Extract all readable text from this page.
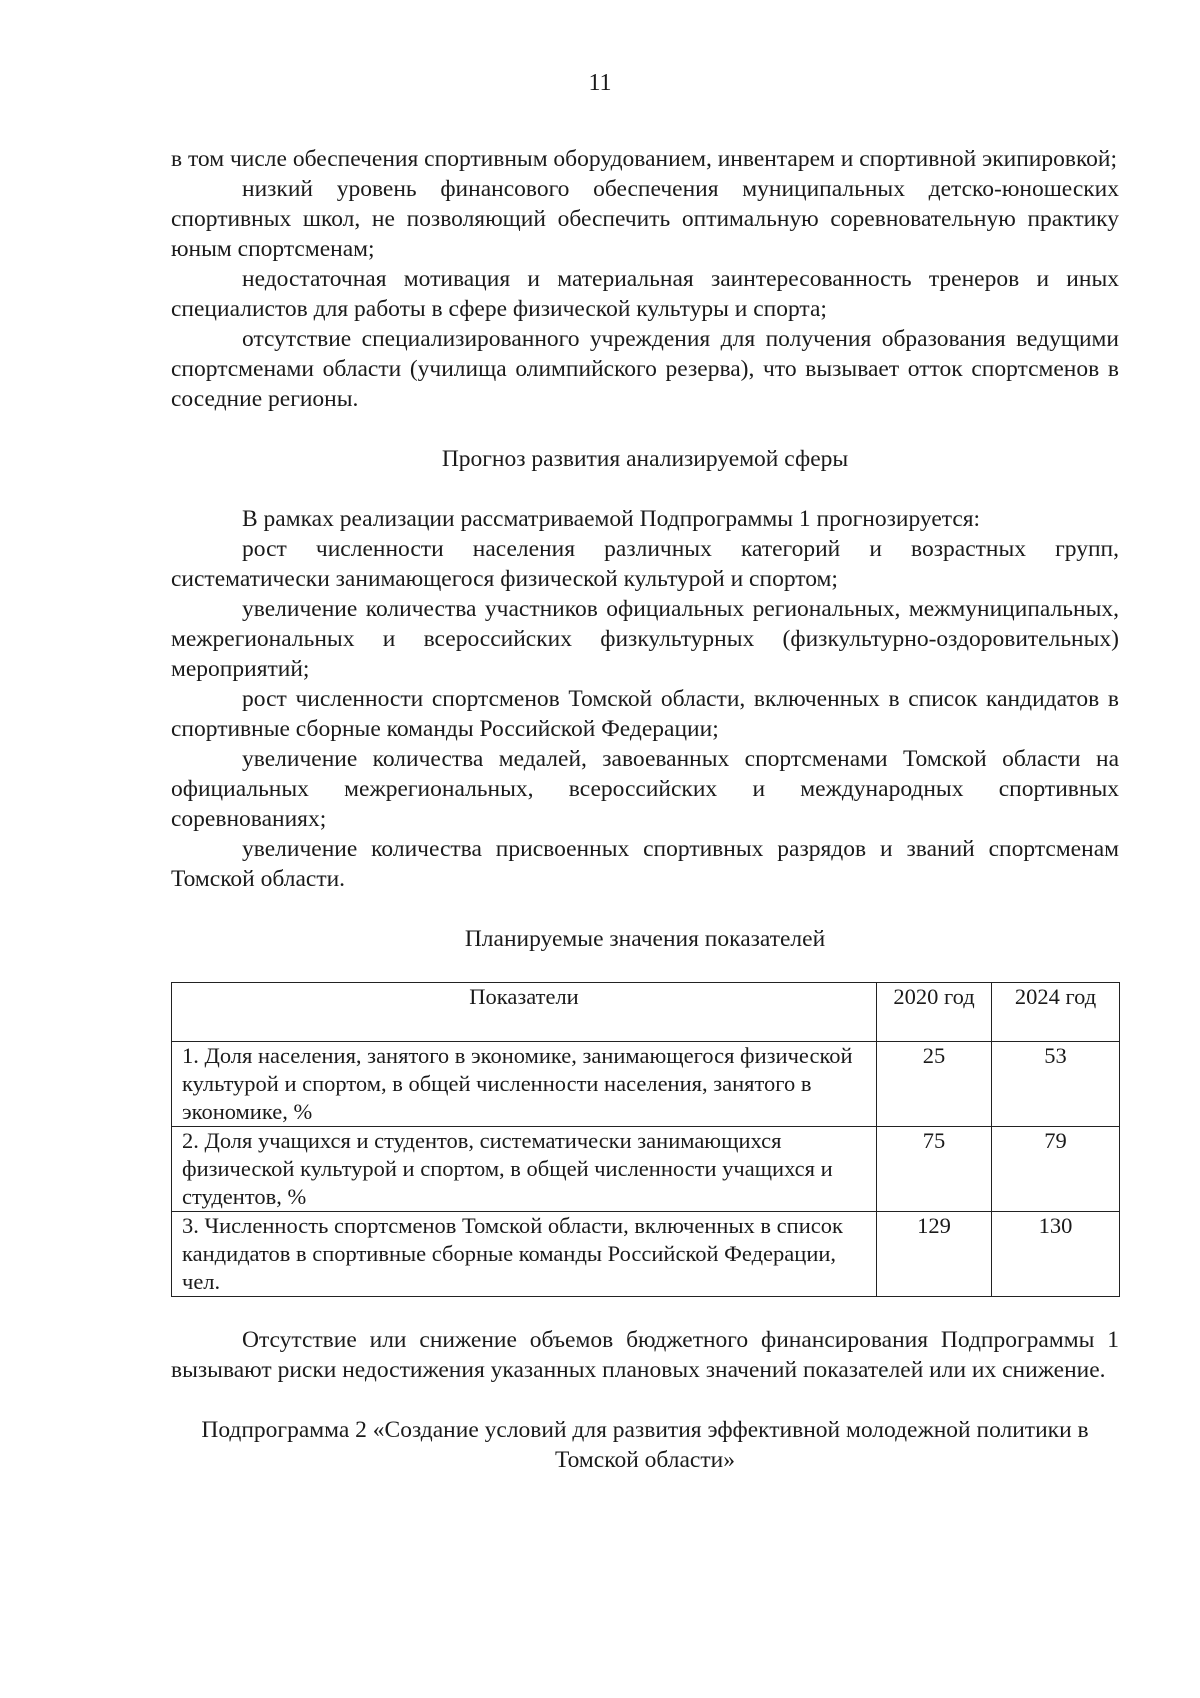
11

в том числе обеспечения спортивным оборудованием, инвентарем и спортивной экипировкой;

низкий уровень финансового обеспечения муниципальных детско-юношеских спортивных школ, не позволяющий обеспечить оптимальную соревновательную практику юным спортсменам;

недостаточная мотивация и материальная заинтересованность тренеров и иных специалистов для работы в сфере физической культуры и спорта;

отсутствие специализированного учреждения для получения образования ведущими спортсменами области (училища олимпийского резерва), что вызывает отток спортсменов в соседние регионы.

Прогноз развития анализируемой сферы

В рамках реализации рассматриваемой Подпрограммы 1 прогнозируется:

рост численности населения различных категорий и возрастных групп, систематически занимающегося физической культурой и спортом;

увеличение количества участников официальных региональных, межмуниципальных, межрегиональных и всероссийских физкультурных (физкультурно-оздоровительных) мероприятий;

рост численности спортсменов Томской области, включенных в список кандидатов в спортивные сборные команды Российской Федерации;

увеличение количества медалей, завоеванных спортсменами Томской области на официальных межрегиональных, всероссийских и международных спортивных соревнованиях;

увеличение количества присвоенных спортивных разрядов и званий спортсменам Томской области.

Планируемые значения показателей

Показатели	2020 год	2024 год
1. Доля населения, занятого в экономике, занимающегося физической культурой и спортом, в общей численности населения, занятого в экономике, %	25	53
2. Доля учащихся и студентов, систематически занимающихся физической культурой и спортом, в общей численности учащихся и студентов, %	75	79
3. Численность спортсменов Томской области, включенных в список кандидатов в спортивные сборные команды Российской Федерации, чел.	129	130

Отсутствие или снижение объемов бюджетного финансирования Подпрограммы 1 вызывают риски недостижения указанных плановых значений показателей или их снижение.

Подпрограмма 2 «Создание условий для развития эффективной молодежной политики в Томской области»
